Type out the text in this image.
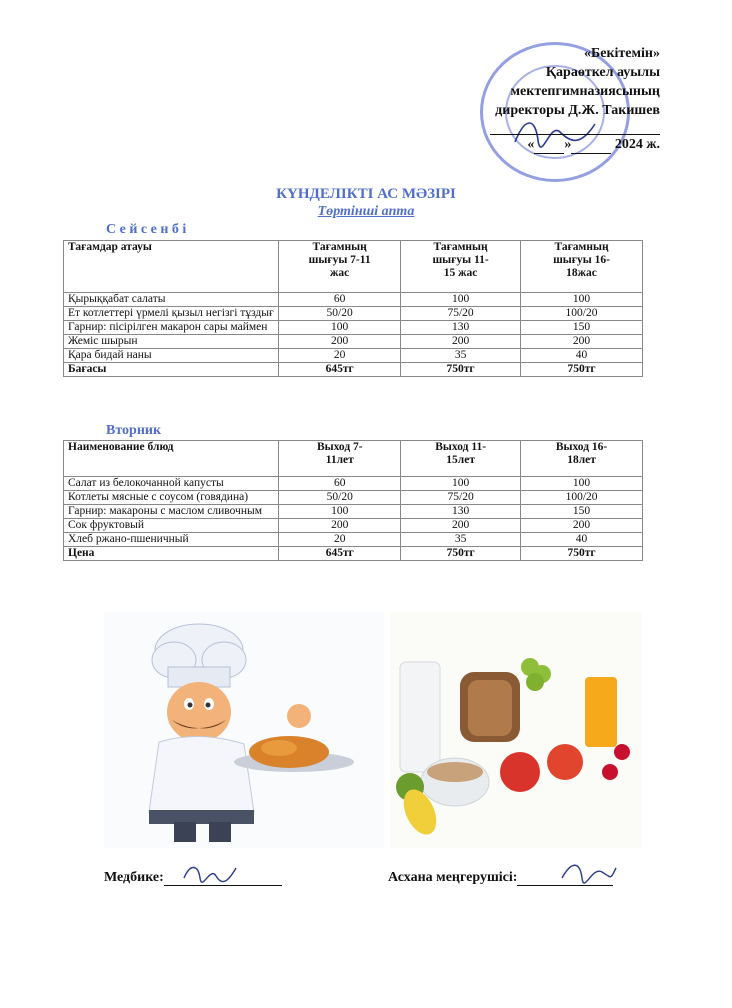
«Бекітемін»
Қараөткел ауылы
мектепгимназиясының
директоры Д.Ж. Такишев
« »	2024 ж.
КҮНДЕЛІКТІ АС МӘЗІРІ
Төртінші апта
С е й с е н б і
Тағамдар атауы	Тағамның шығуы 7-11 жас	Тағамның шығуы 11-15 жас	Тағамның шығуы 16-18жас
Қырыққабат салаты	60	100	100
Ет котлеттері үрмелі қызыл негізгі тұздығ	50/20	75/20	100/20
Гарнир: пісірілген макарон сары маймен	100	130	150
Жеміс шырын	200	200	200
Қара бидай наны	20	35	40
Бағасы	645тг	750тг	750тг
Вторник
Наименование блюд	Выход 7-11лет	Выход 11-15лет	Выход 16-18лет
Салат из белокочанной капусты	60	100	100
Котлеты мясные с соусом (говядина)	50/20	75/20	100/20
Гарнир: макароны с маслом сливочным	100	130	150
Сок фруктовый	200	200	200
Хлеб ржано-пшеничный	20	35	40
Цена	645тг	750тг	750тг
Медбике:	Асхана меңгерушісі:
